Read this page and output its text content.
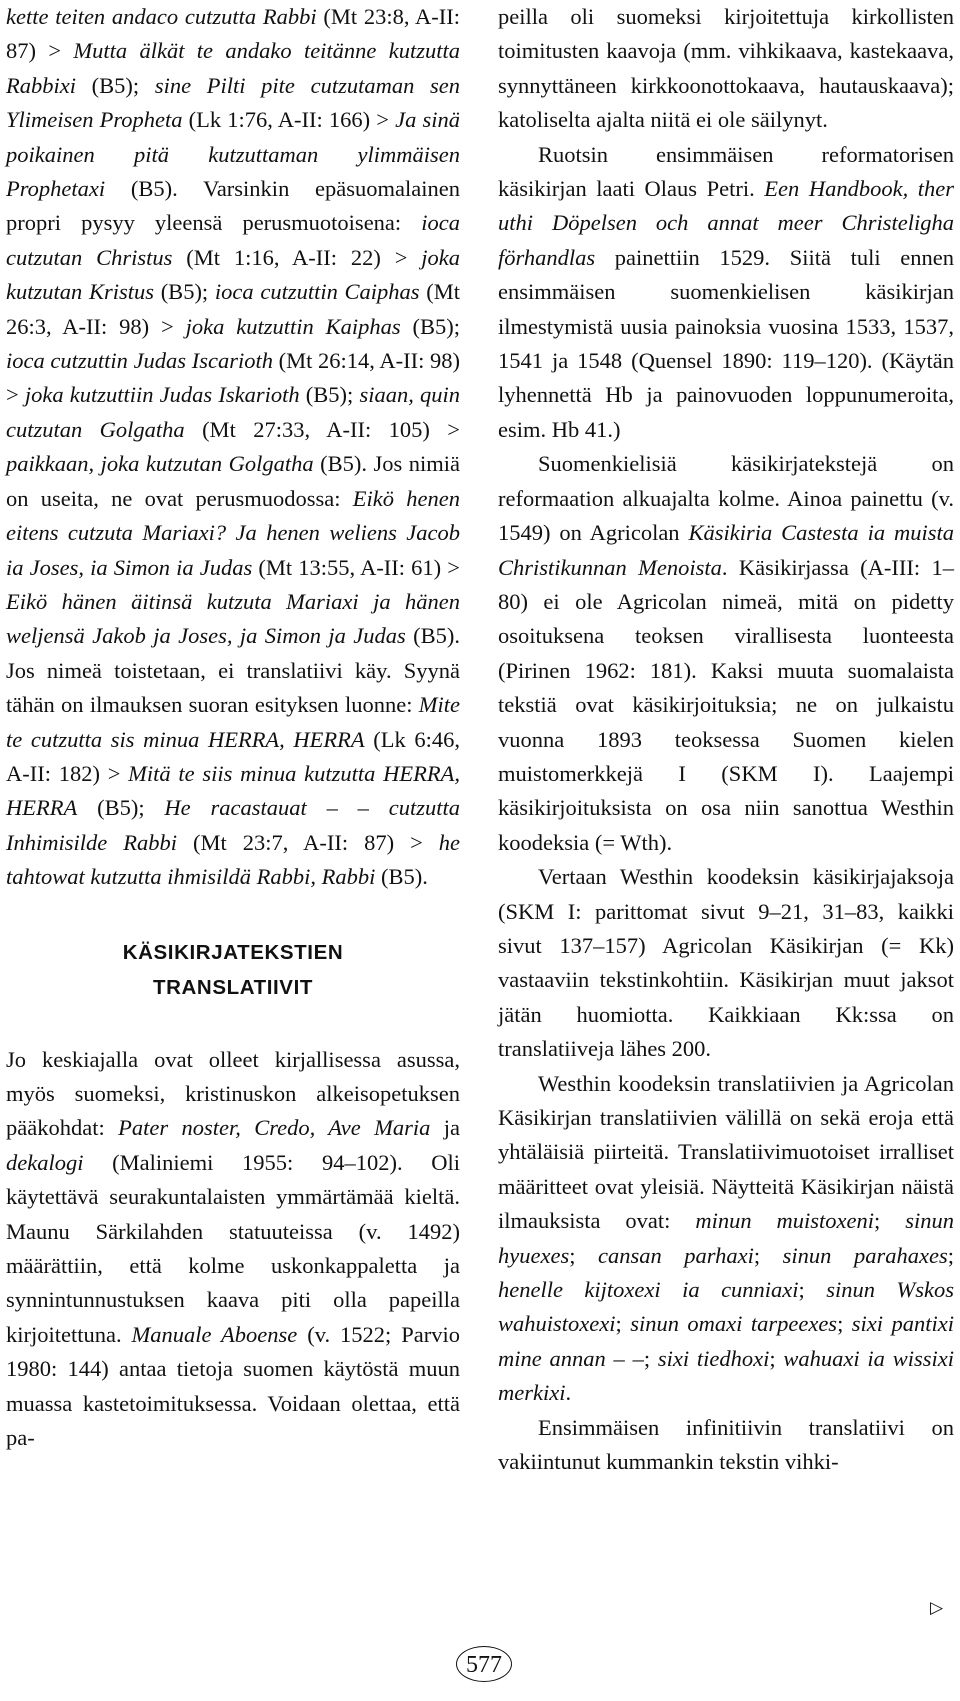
kette teiten andaco cutzutta Rabbi (Mt 23:8, A-II: 87) > Mutta älkät te andako teitänne kutzutta Rabbixi (B5); sine Pilti pite cutzutaman sen Ylimeisen Propheta (Lk 1:76, A-II: 166) > Ja sinä poikainen pitä kutzuttaman ylimmäisen Prophetaxi (B5). Varsinkin epäsuomalainen propri pysyy yleensä perusmuotoisena: ioca cutzutan Christus (Mt 1:16, A-II: 22) > joka kutzutan Kristus (B5); ioca cutzuttin Caiphas (Mt 26:3, A-II: 98) > joka kutzuttin Kaiphas (B5); ioca cutzuttin Judas Iscarioth (Mt 26:14, A-II: 98) > joka kutzuttiin Judas Iskarioth (B5); siaan, quin cutzutan Golgatha (Mt 27:33, A-II: 105) > paikkaan, joka kutzutan Golgatha (B5). Jos nimiä on useita, ne ovat perusmuodossa: Eikö henen eitens cutzuta Mariaxi? Ja henen weliens Jacob ia Joses, ia Simon ia Judas (Mt 13:55, A-II: 61) > Eikö hänen äitinsä kutzuta Mariaxi ja hänen weljensä Jakob ja Joses, ja Simon ja Judas (B5). Jos nimeä toistetaan, ei translatiivi käy. Syynä tähän on ilmauksen suoran esityksen luonne: Mite te cutzutta sis minua HERRA, HERRA (Lk 6:46, A-II: 182) > Mitä te siis minua kutzutta HERRA, HERRA (B5); He racastauat – – cutzutta Inhimisilde Rabbi (Mt 23:7, A-II: 87) > he tahtowat kutzutta ihmisildä Rabbi, Rabbi (B5).

KÄSIKIRJATEKSTIEN
TRANSLATIIVIT

Jo keskiajalla ovat olleet kirjallisessa asussa, myös suomeksi, kristinuskon alkeisopetuksen pääkohdat: Pater noster, Credo, Ave Maria ja dekalogi (Maliniemi 1955: 94–102). Oli käytettävä seurakuntalaisten ymmärtämää kieltä. Maunu Särkilahden statuuteissa (v. 1492) määrättiin, että kolme uskonkappaletta ja synnintunnustuksen kaava piti olla papeilla kirjoitettuna. Manuale Aboense (v. 1522; Parvio 1980: 144) antaa tietoja suomen käytöstä muun muassa kastetoimituksessa. Voidaan olettaa, että pa-

peilla oli suomeksi kirjoitettuja kirkollisten toimitusten kaavoja (mm. vihkikaava, kastekaava, synnyttäneen kirkkoonottokaava, hautauskaava); katoliselta ajalta niitä ei ole säilynyt.

Ruotsin ensimmäisen reformatorisen käsikirjan laati Olaus Petri. Een Handbook, ther uthi Döpelsen och annat meer Christeligha förhandlas painettiin 1529. Siitä tuli ennen ensimmäisen suomenkielisen käsikirjan ilmestymistä uusia painoksia vuosina 1533, 1537, 1541 ja 1548 (Quensel 1890: 119–120). (Käytän lyhennettä Hb ja painovuoden loppunumeroita, esim. Hb 41.)

Suomenkielisiä käsikirjatekstejä on reformaation alkuajalta kolme. Ainoa painettu (v. 1549) on Agricolan Käsikiria Castesta ia muista Christikunnan Menoista. Käsikirjassa (A-III: 1–80) ei ole Agricolan nimeä, mitä on pidetty osoituksena teoksen virallisesta luonteesta (Pirinen 1962: 181). Kaksi muuta suomalaista tekstiä ovat käsikirjoituksia; ne on julkaistu vuonna 1893 teoksessa Suomen kielen muistomerkkejä I (SKM I). Laajempi käsikirjoituksista on osa niin sanottua Westhin koodeksia (= Wth).

Vertaan Westhin koodeksin käsikirjajaksoja (SKM I: parittomat sivut 9–21, 31–83, kaikki sivut 137–157) Agricolan Käsikirjan (= Kk) vastaaviin tekstinkohtiin. Käsikirjan muut jaksot jätän huomiotta. Kaikkiaan Kk:ssa on translatiiveja lähes 200.

Westhin koodeksin translatiivien ja Agricolan Käsikirjan translatiivien välillä on sekä eroja että yhtäläisiä piirteitä. Translatiivimuotoiset irralliset määritteet ovat yleisiä. Näytteitä Käsikirjan näistä ilmauksista ovat: minun muistoxeni; sinun hyuexes; cansan parhaxi; sinun parahaxes; henelle kijtoxexi ia cunniaxi; sinun Wskos wahuistoxexi; sinun omaxi tarpeexes; sixi pantixi mine annan – –; sixi tiedhoxi; wahuaxi ia wissixi merkixi.

Ensimmäisen infinitiivin translatiivi on vakiintunut kummankin tekstin vihki-

▷
577
